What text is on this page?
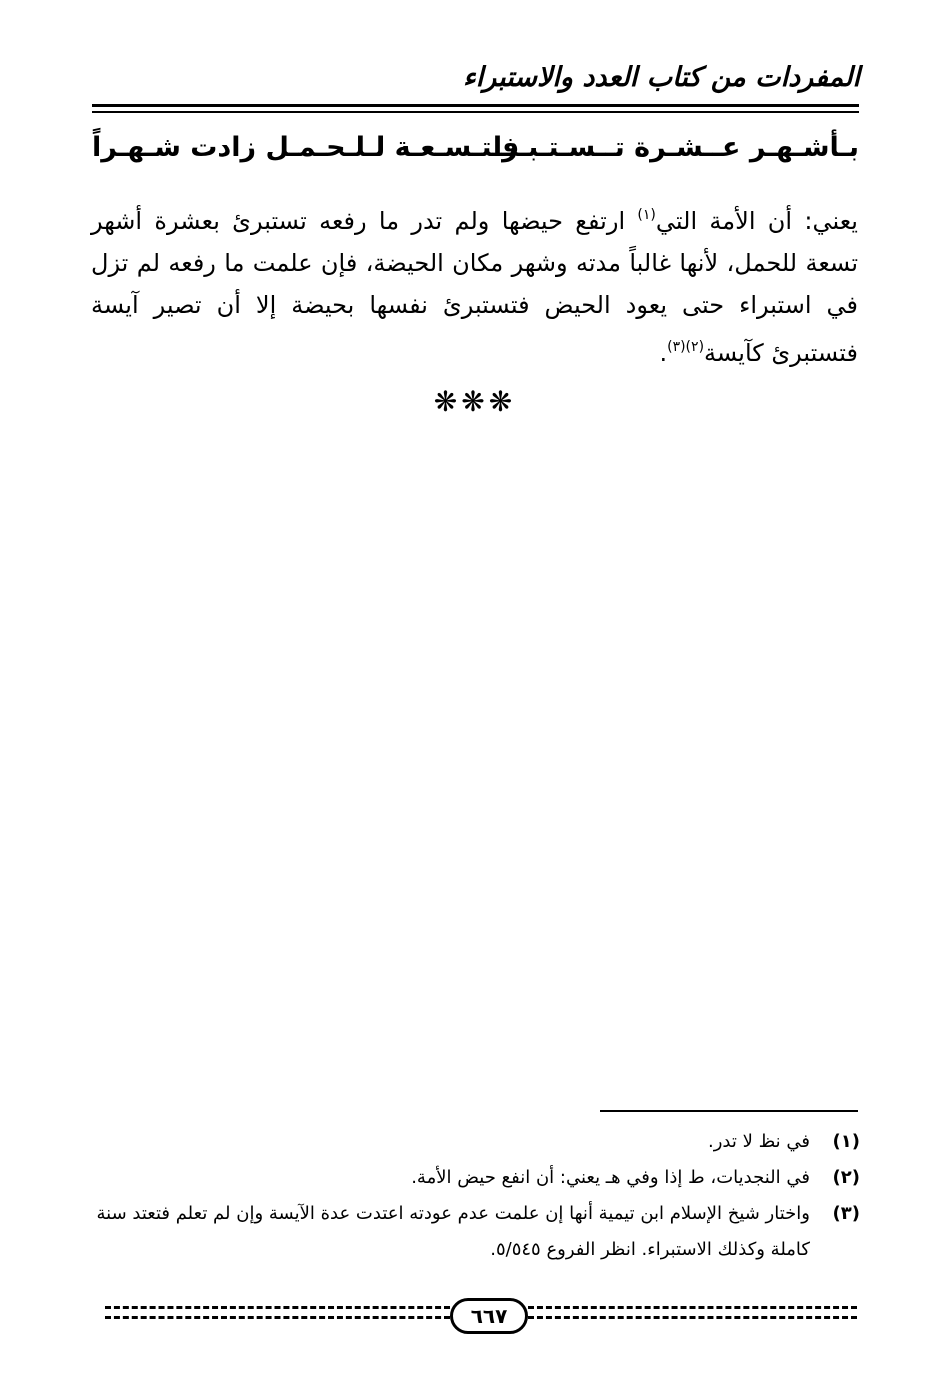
المفردات من كتاب العدد والاستبراء
بـأشـهـر عــشـرة تــسـتـبـرا
فـتـسـعـة لـلـحـمـل زادت شـهـراً
يعني: أن الأمة التي$^{(١)}$ ارتفع حيضها ولم تدر ما رفعه تستبرئ بعشرة أشهر تسعة للحمل، لأنها غالباً مدته وشهر مكان الحيضة، فإن علمت ما رفعه لم تزل في استبراء حتى يعود الحيض فتستبرئ نفسها بحيضة إلا أن تصير آيسة فتستبرئ كآيسة$^{(٢)(٣)}$.
❋❋❋
(١)
في نظ لا تدر.
(٢)
في النجديات، ط إذا وفي هـ يعني: أن انفع حيض الأمة.
(٣)
واختار شيخ الإسلام ابن تيمية أنها إن علمت عدم عودته اعتدت عدة الآيسة وإن لم تعلم فتعتد سنة كاملة وكذلك الاستبراء. انظر الفروع ٥/٥٤٥.
٦٦٧
